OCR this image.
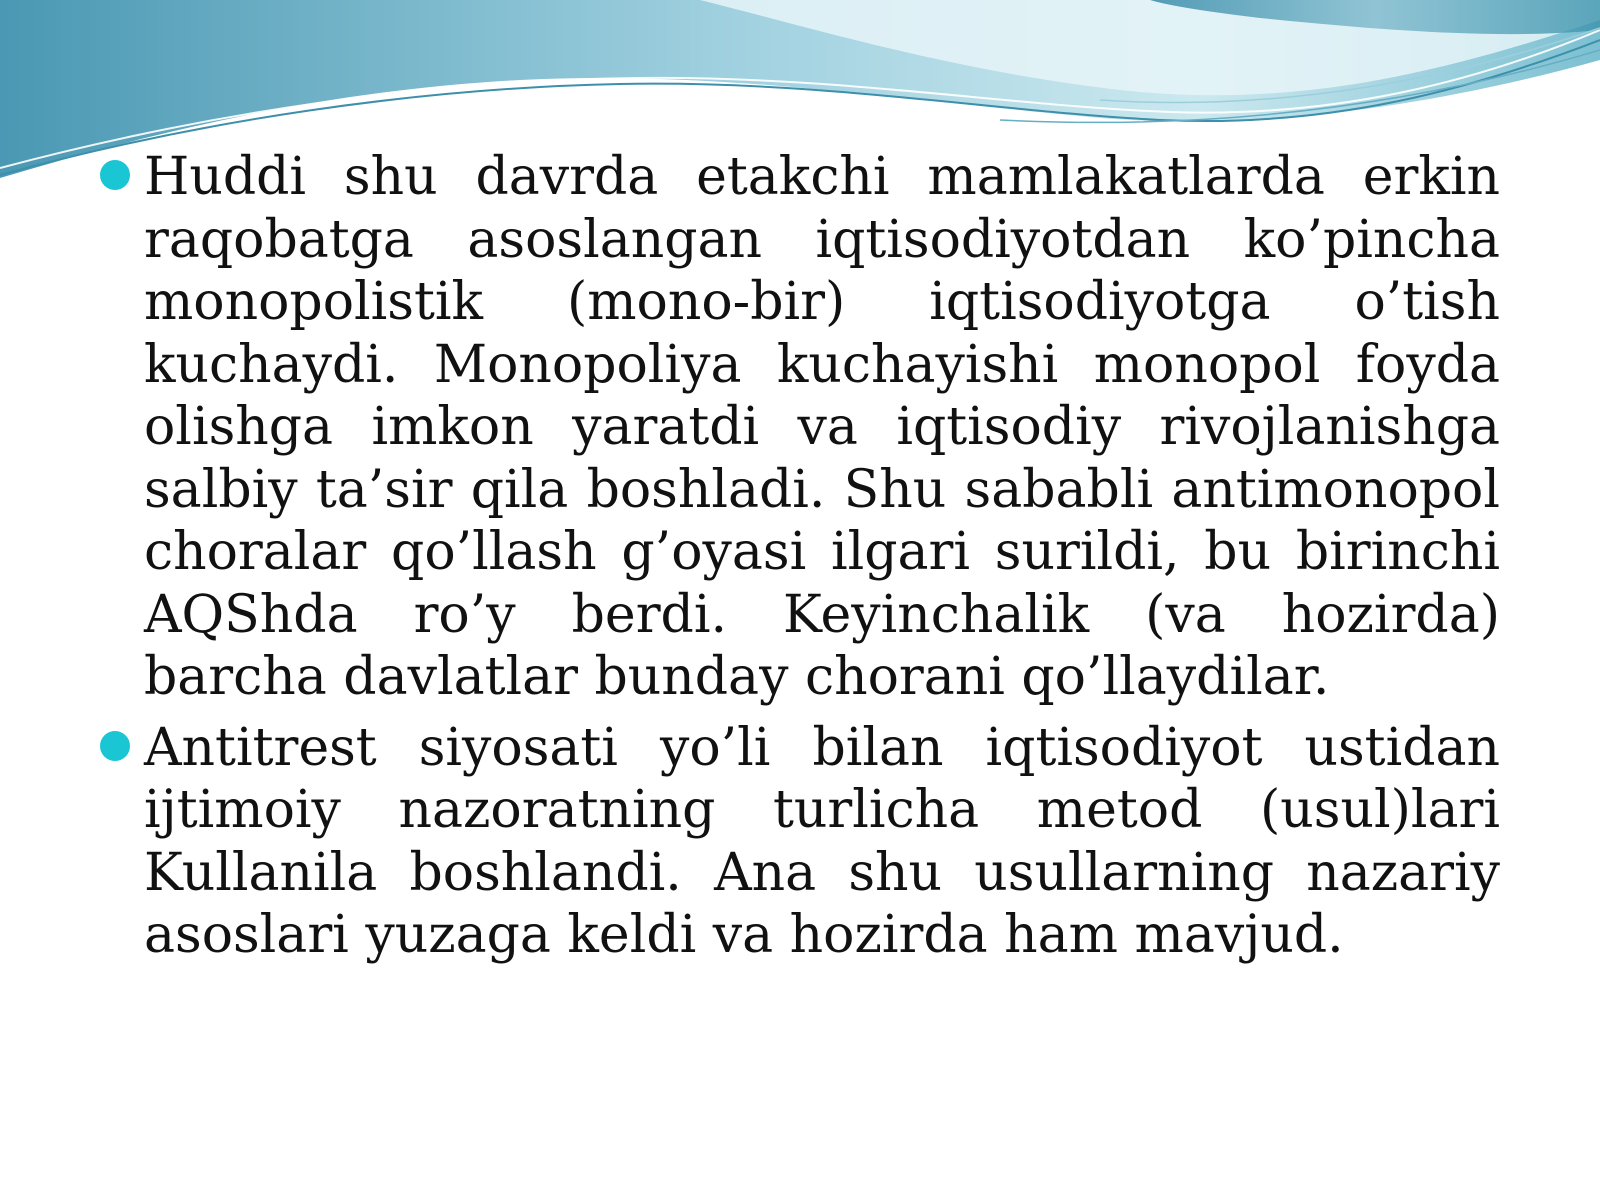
Huddi shu davrda etakchi mamlakatlarda erkin raqobatga asoslangan iqtisodiyotdan ko’pincha monopolistik (mono-bir) iqtisodiyotga o’tish kuchaydi. Monopoliya kuchayishi monopol foyda olishga imkon yaratdi va iqtisodiy rivojlanishga salbiy ta’sir qila boshladi. Shu sababli antimonopol choralar qo’llash g’oyasi ilgari surildi, bu birinchi AQShda ro’y berdi. Keyinchalik (va hozirda) barcha davlatlar bunday choranі qo’llaydilar.
Antitrest siyosati yo’li bilan iqtisodiyot ustidan ijtimoiy nazoratning turlicha metod (usul)lari Kullanila boshlandi. Ana shu usullarning nazariy asoslari yuzaga keldi va hozirda ham mavjud.
